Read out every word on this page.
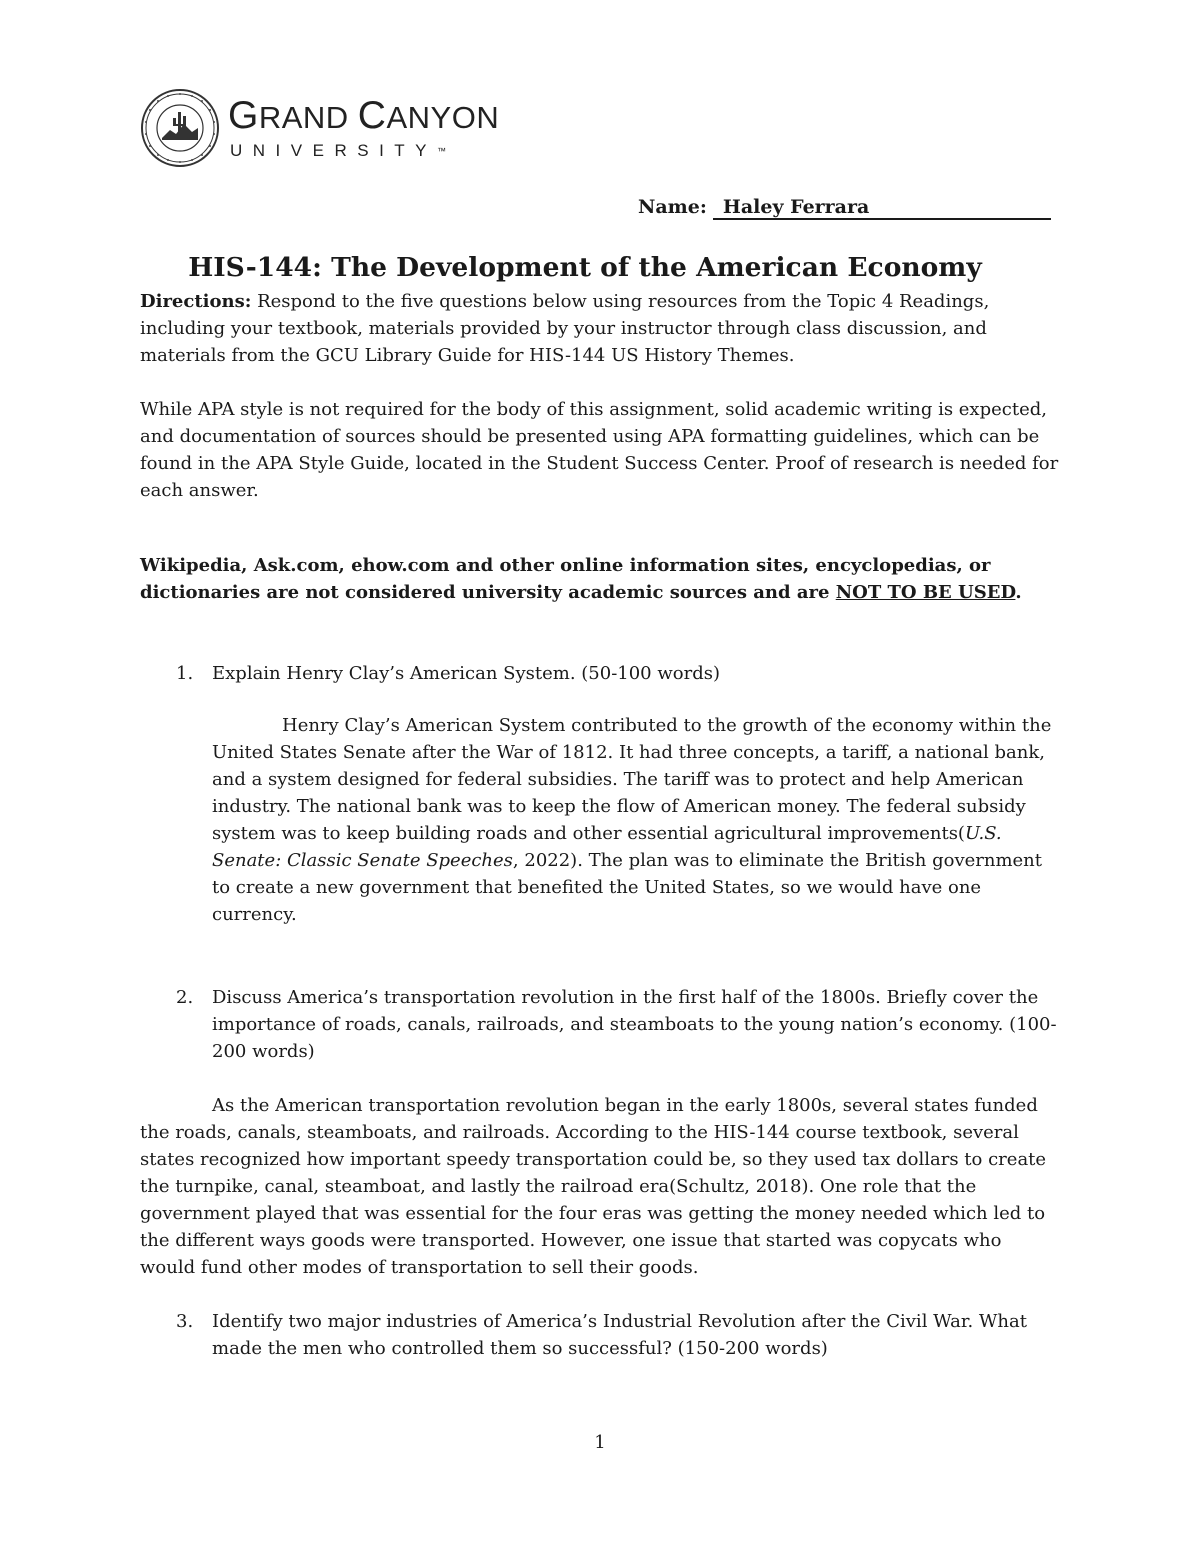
GRAND CANYON
UNIVERSITY™
Name: Haley Ferrara
HIS-144: The Development of the American Economy
Directions: Respond to the five questions below using resources from the Topic 4 Readings, including your textbook, materials provided by your instructor through class discussion, and materials from the GCU Library Guide for HIS-144 US History Themes.
While APA style is not required for the body of this assignment, solid academic writing is expected, and documentation of sources should be presented using APA formatting guidelines, which can be found in the APA Style Guide, located in the Student Success Center. Proof of research is needed for each answer.
Wikipedia, Ask.com, ehow.com and other online information sites, encyclopedias, or dictionaries are not considered university academic sources and are NOT TO BE USED.
1. Explain Henry Clay’s American System. (50-100 words)
Henry Clay’s American System contributed to the growth of the economy within the United States Senate after the War of 1812. It had three concepts, a tariff, a national bank, and a system designed for federal subsidies. The tariff was to protect and help American industry. The national bank was to keep the flow of American money. The federal subsidy system was to keep building roads and other essential agricultural improvements(U.S. Senate: Classic Senate Speeches, 2022). The plan was to eliminate the British government to create a new government that benefited the United States, so we would have one currency.
2. Discuss America’s transportation revolution in the first half of the 1800s. Briefly cover the importance of roads, canals, railroads, and steamboats to the young nation’s economy. (100-200 words)
As the American transportation revolution began in the early 1800s, several states funded the roads, canals, steamboats, and railroads. According to the HIS-144 course textbook, several states recognized how important speedy transportation could be, so they used tax dollars to create the turnpike, canal, steamboat, and lastly the railroad era(Schultz, 2018). One role that the government played that was essential for the four eras was getting the money needed which led to the different ways goods were transported. However, one issue that started was copycats who would fund other modes of transportation to sell their goods.
3. Identify two major industries of America’s Industrial Revolution after the Civil War. What made the men who controlled them so successful? (150-200 words)
1
